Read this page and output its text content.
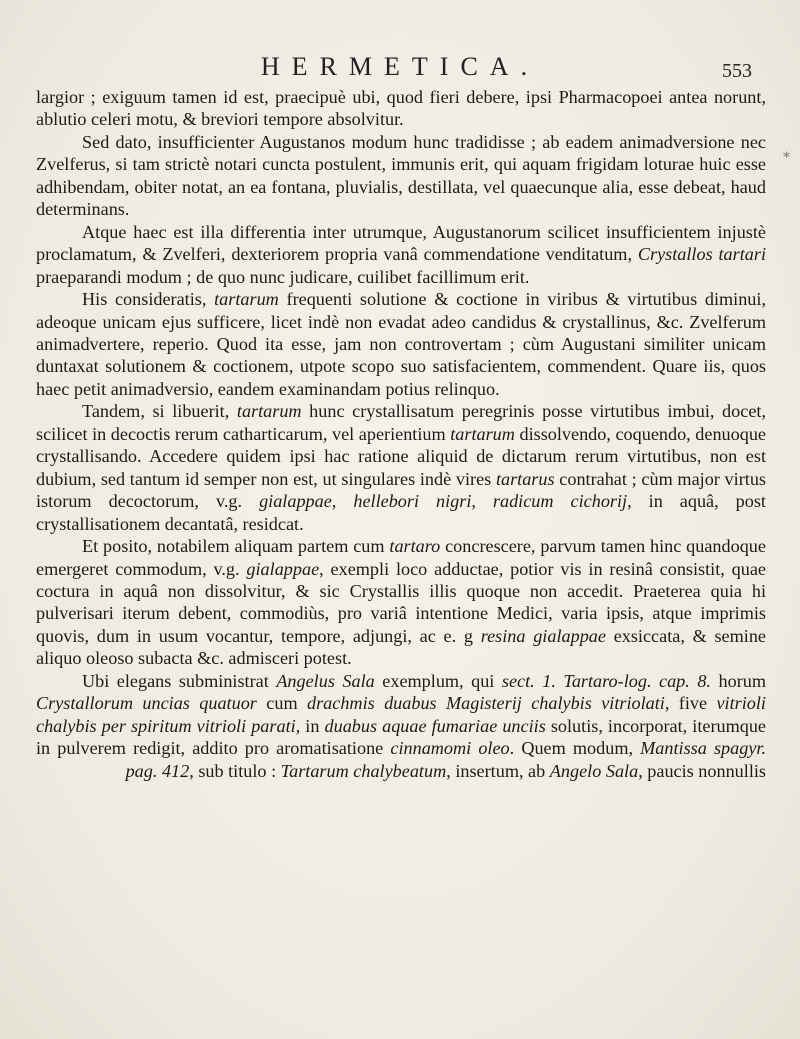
HERMETICA.	553

largior ; exiguum tamen id est, praecipuè ubi, quod fieri debere, ipsi Pharmacopoei antea norunt, ablutio celeri motu, & breviori tempore absolvitur.

Sed dato, insufficienter Augustanos modum hunc tradidisse ; ab eadem animadversione nec Zvelferus, si tam strictè notari cuncta postulent, immunis erit, qui aquam frigidam loturae huic esse adhibendam, obiter notat, an ea fontana, pluvialis, destillata, vel quaecunque alia, esse debeat, haud determinans.

Atque haec est illa differentia inter utrumque, Augustanorum scilicet insufficientem injustè proclamatum, & Zvelferi, dexteriorem propria vanâ commendatione venditatum, Crystallos tartari praeparandi modum ; de quo nunc judicare, cuilibet facillimum erit.

His consideratis, tartarum frequenti solutione & coctione in viribus & virtutibus diminui, adeoque unicam ejus sufficere, licet indè non evadat adeo candidus & crystallinus, &c. Zvelferum animadvertere, reperio. Quod ita esse, jam non controvertam ; cùm Augustani similiter unicam duntaxat solutionem & coctionem, utpote scopo suo satisfacientem, commendent. Quare iis, quos haec petit animadversio, eandem examinandam potius relinquo.

Tandem, si libuerit, tartarum hunc crystallisatum peregrinis posse virtutibus imbui, docet, scilicet in decoctis rerum catharticarum, vel aperientium tartarum dissolvendo, coquendo, denuoque crystallisando. Accedere quidem ipsi hac ratione aliquid de dictarum rerum virtutibus, non est dubium, sed tantum id semper non est, ut singulares indè vires tartarus contrahat ; cùm major virtus istorum decoctorum, v.g. gialappae, hellebori nigri, radicum cichorij, in aquâ, post crystallisationem decantatâ, residcat.

Et posito, notabilem aliquam partem cum tartaro concrescere, parvum tamen hinc quandoque emergeret commodum, v.g. gialappae, exempli loco adductae, potior vis in resinâ consistit, quae coctura in aquâ non dissolvitur, & sic Crystallis illis quoque non accedit. Praeterea quia hi pulverisari iterum debent, commodiùs, pro variâ intentione Medici, varia ipsis, atque imprimis quovis, dum in usum vocantur, tempore, adjungi, ac e. g resina gialappae exsiccata, & semine aliquo oleoso subacta &c. admisceri potest.

Ubi elegans subministrat Angelus Sala exemplum, qui sect. 1. Tartaro-log. cap. 8. horum Crystallorum uncias quatuor cum drachmis duabus Magisterij chalybis vitriolati, five vitrioli chalybis per spiritum vitrioli parati, in duabus aquae fumariae unciis solutis, incorporat, iterumque in pulverem redigit, addito pro aromatisatione cinnamomi oleo. Quem modum, Mantissa spagyr. pag. 412, sub titulo : Tartarum chalybeatum, insertum, ab Angelo Sala, paucis nonnullis

*
